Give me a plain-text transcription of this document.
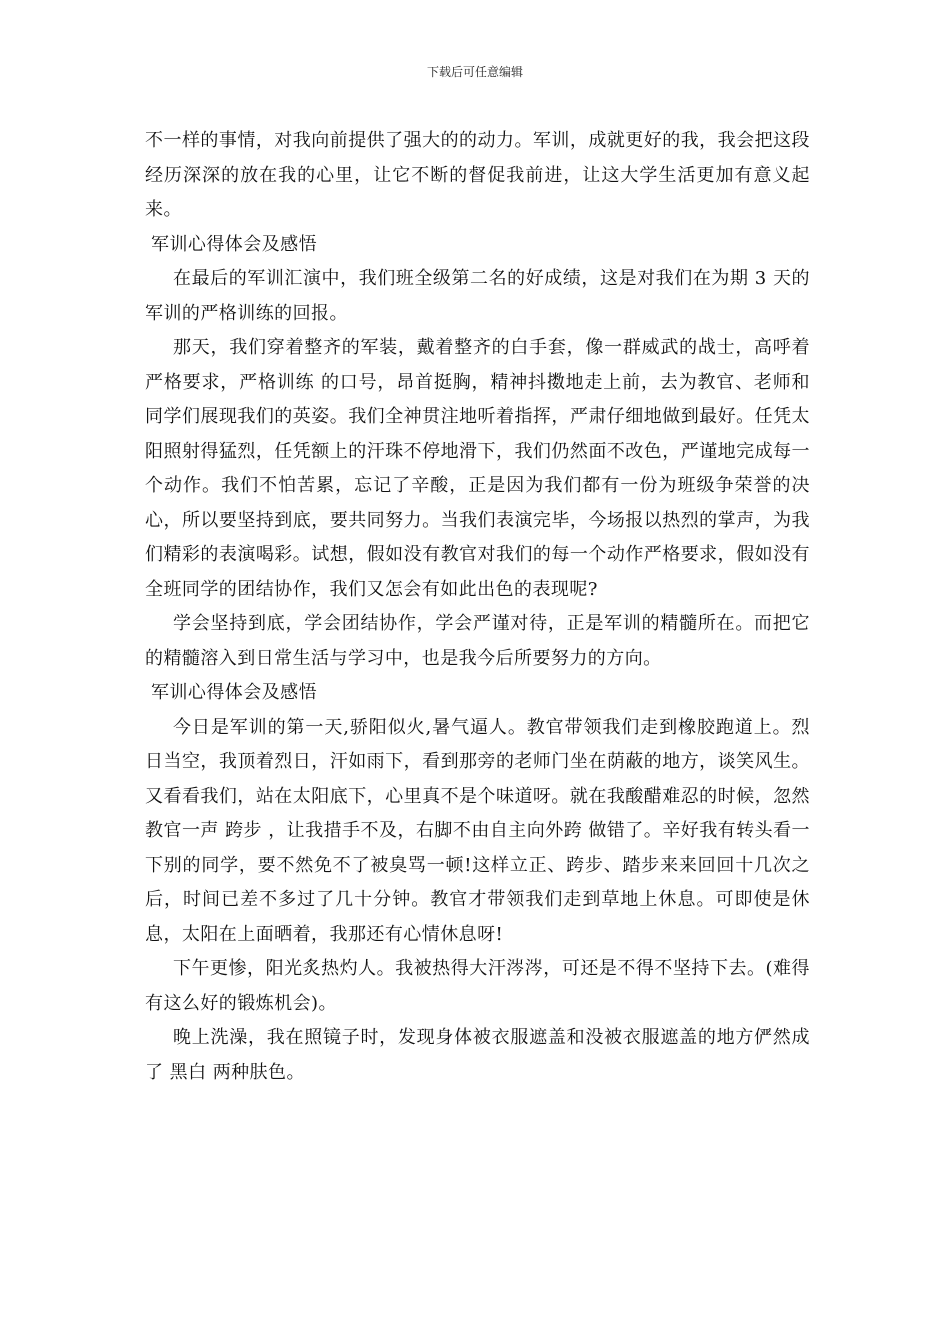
下载后可任意编辑

不一样的事情，对我向前提供了强大的的动力。军训，成就更好的我，我会把这段经历深深的放在我的心里，让它不断的督促我前进，让这大学生活更加有意义起来。

军训心得体会及感悟

在最后的军训汇演中，我们班全级第二名的好成绩，这是对我们在为期 3 天的军训的严格训练的回报。

那天，我们穿着整齐的军装，戴着整齐的白手套，像一群威武的战士，高呼着 严格要求，严格训练 的口号，昂首挺胸，精神抖擞地走上前，去为教官、老师和同学们展现我们的英姿。我们全神贯注地听着指挥，严肃仔细地做到最好。任凭太阳照射得猛烈，任凭额上的汗珠不停地滑下，我们仍然面不改色，严谨地完成每一个动作。我们不怕苦累，忘记了辛酸，正是因为我们都有一份为班级争荣誉的决心，所以要坚持到底，要共同努力。当我们表演完毕，今场报以热烈的掌声，为我们精彩的表演喝彩。试想，假如没有教官对我们的每一个动作严格要求，假如没有全班同学的团结协作，我们又怎会有如此出色的表现呢?

学会坚持到底，学会团结协作，学会严谨对待，正是军训的精髓所在。而把它的精髓溶入到日常生活与学习中，也是我今后所要努力的方向。

军训心得体会及感悟

今日是军训的第一天,骄阳似火,暑气逼人。教官带领我们走到橡胶跑道上。烈日当空，我顶着烈日，汗如雨下，看到那旁的老师门坐在荫蔽的地方，谈笑风生。又看看我们，站在太阳底下，心里真不是个味道呀。就在我酸醋难忍的时候，忽然教官一声 跨步 ，让我措手不及，右脚不由自主向外跨 做错了。辛好我有转头看一下别的同学，要不然免不了被臭骂一顿!这样立正、跨步、踏步来来回回十几次之后，时间已差不多过了几十分钟。教官才带领我们走到草地上休息。可即使是休息，太阳在上面晒着，我那还有心情休息呀!

下午更惨，阳光炙热灼人。我被热得大汗涔涔，可还是不得不坚持下去。(难得有这么好的锻炼机会)。

晚上洗澡，我在照镜子时，发现身体被衣服遮盖和没被衣服遮盖的地方俨然成了 黑白 两种肤色。
